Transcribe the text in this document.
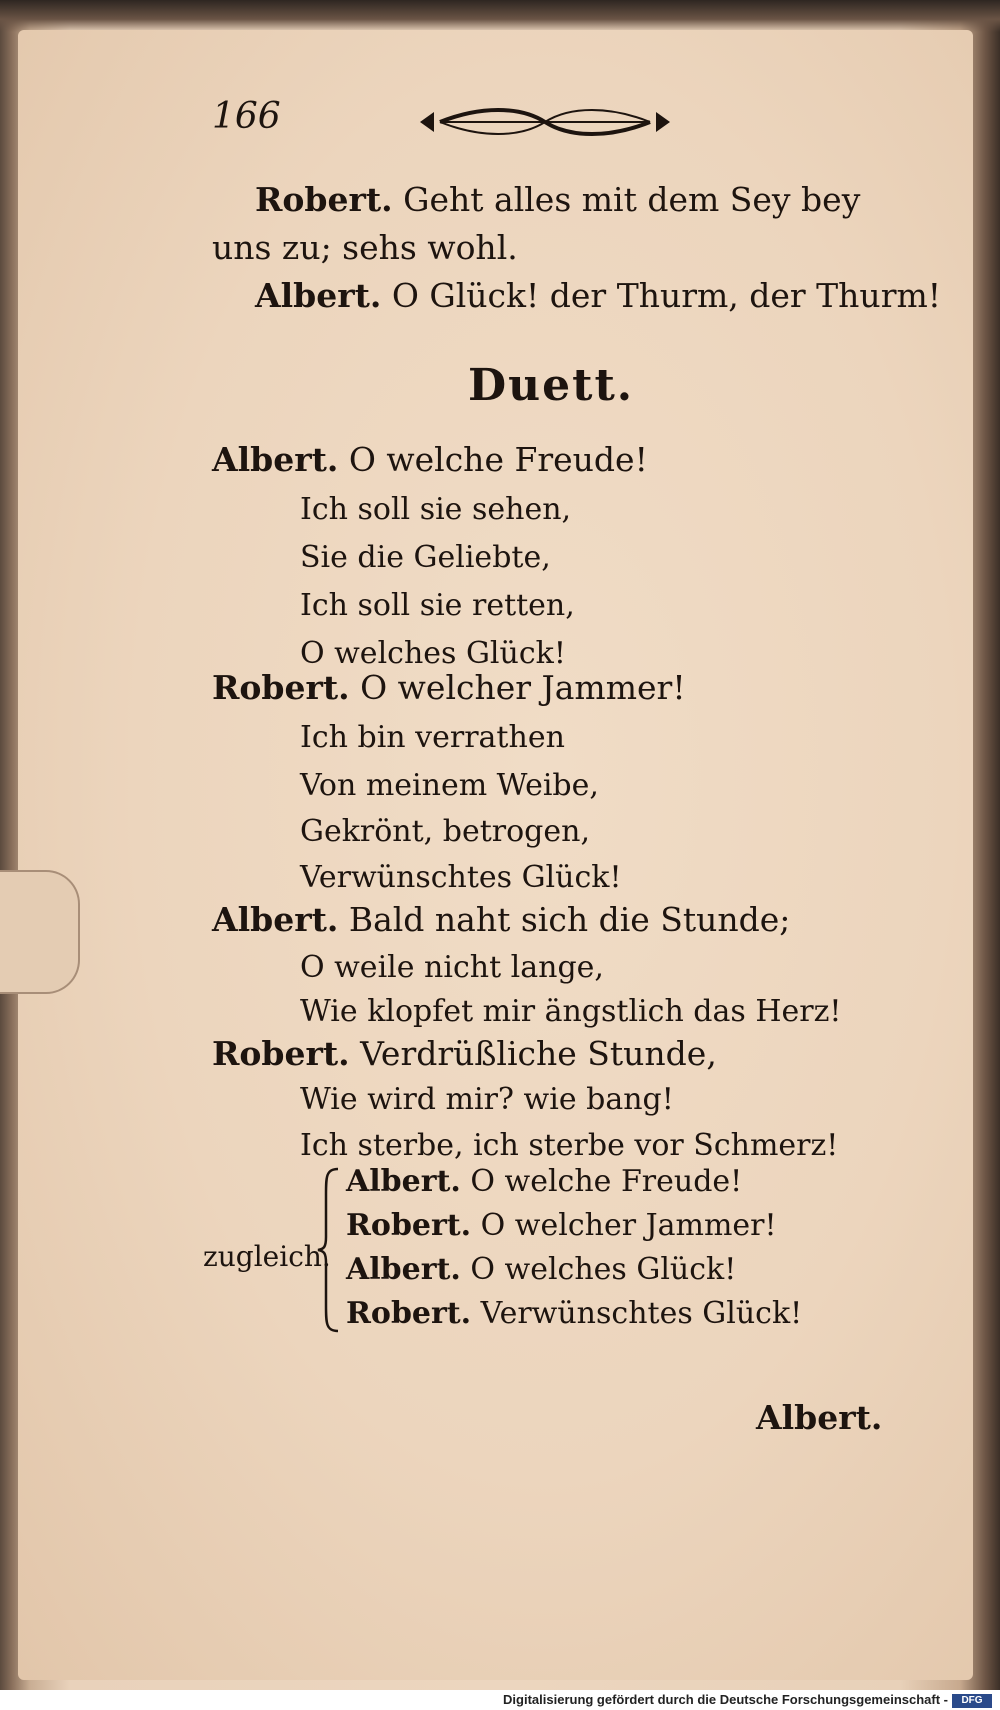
166
Robert. Geht alles mit dem Sey bey
uns zu; sehs wohl.
Albert. O Glück! der Thurm, der Thurm!
Duett.
Albert. O welche Freude!
Ich soll sie sehen,
Sie die Geliebte,
Ich soll sie retten,
O welches Glück!
Robert. O welcher Jammer!
Ich bin verrathen
Von meinem Weibe,
Gekrönt, betrogen,
Verwünschtes Glück!
Albert. Bald naht sich die Stunde;
O weile nicht lange,
Wie klopfet mir ängstlich das Herz!
Robert. Verdrüßliche Stunde,
Wie wird mir? wie bang!
Ich sterbe, ich sterbe vor Schmerz!
zugleich.
Albert. O welche Freude!
Robert. O welcher Jammer!
Albert. O welches Glück!
Robert. Verwünschtes Glück!
Albert.
Digitalisierung gefördert durch die Deutsche Forschungsgemeinschaft -	DFG
